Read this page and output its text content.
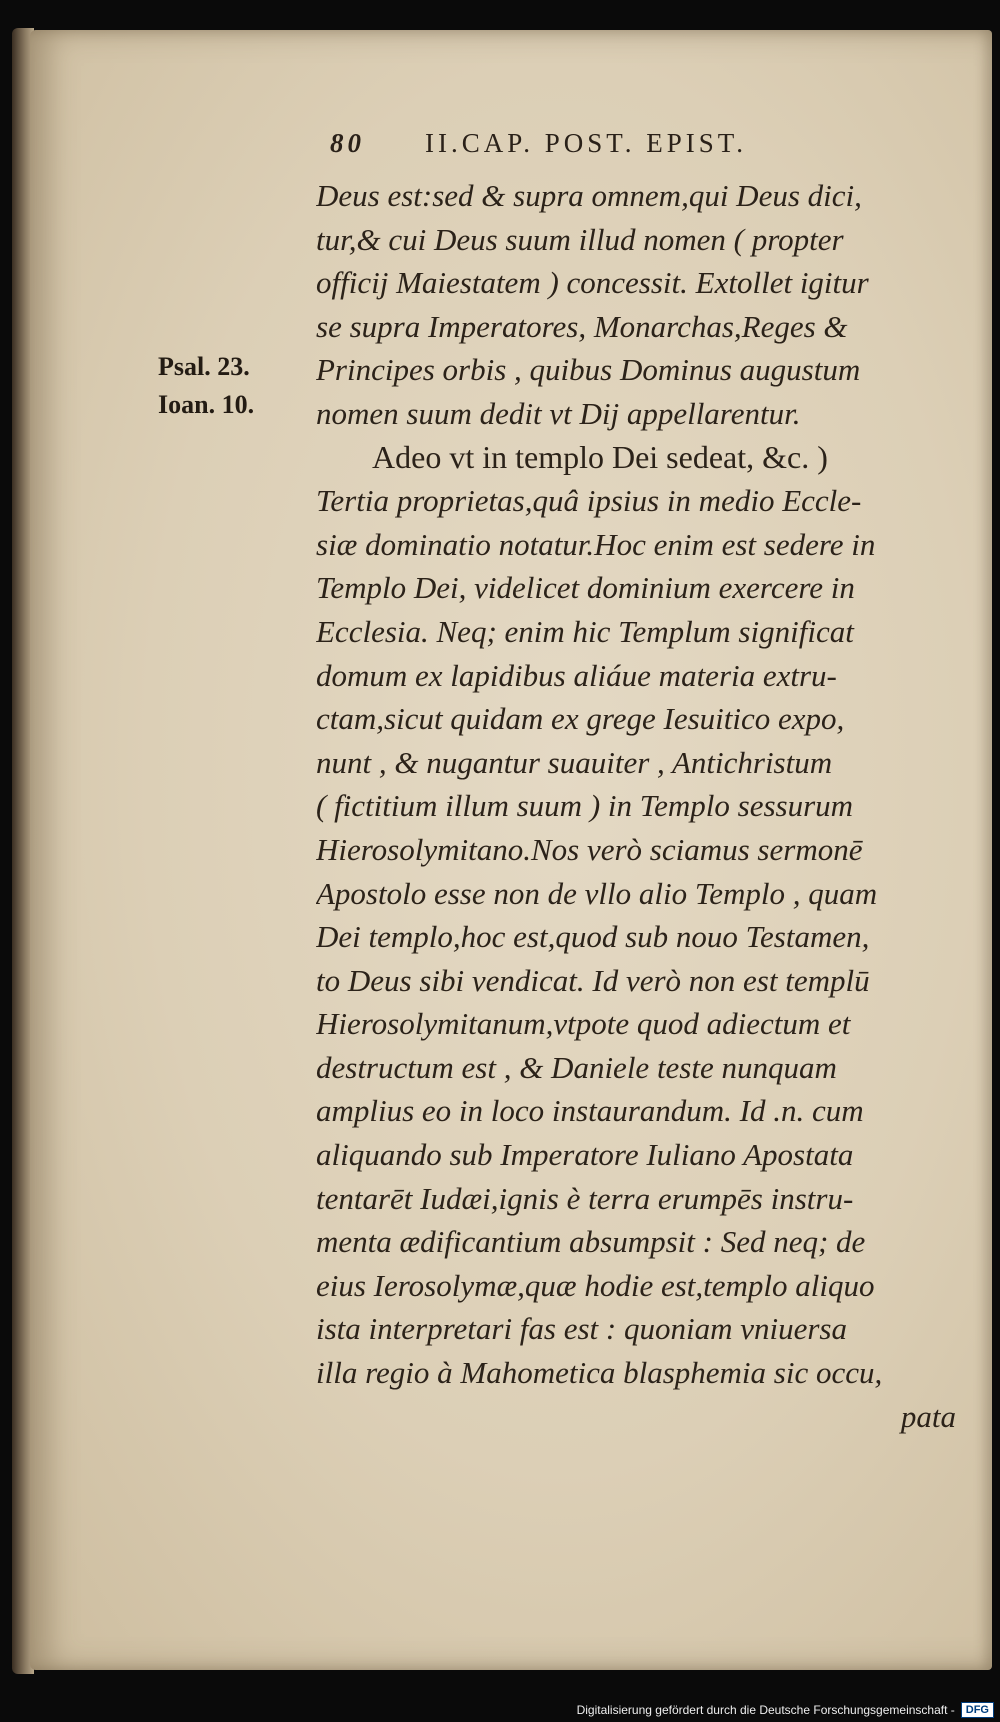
80 II.CAP. POST. EPIST.
Psal. 23.
Ioan. 10.
Deus est:sed & supra omnem,qui Deus dici,
tur,& cui Deus suum illud nomen ( propter
officij Maiestatem ) concessit. Extollet igitur
se supra Imperatores, Monarchas,Reges &
Principes orbis , quibus Dominus augustum
nomen suum dedit vt Dij appellarentur.
Adeo vt in templo Dei sedeat, &c. )
Tertia proprietas,quâ ipsius in medio Eccle-
siæ dominatio notatur.Hoc enim est sedere in
Templo Dei, videlicet dominium exercere in
Ecclesia. Neq; enim hic Templum significat
domum ex lapidibus aliáue materia extru-
ctam,sicut quidam ex grege Iesuitico expo,
nunt , & nugantur suauiter , Antichristum
( fictitium illum suum ) in Templo sessurum
Hierosolymitano.Nos verò sciamus sermonē
Apostolo esse non de vllo alio Templo , quam
Dei templo,hoc est,quod sub nouo Testamen,
to Deus sibi vendicat. Id verò non est templū
Hierosolymitanum,vtpote quod adiectum et
destructum est , & Daniele teste nunquam
amplius eo in loco instaurandum. Id .n. cum
aliquando sub Imperatore Iuliano Apostata
tentarēt Iudæi,ignis è terra erumpēs instru-
menta ædificantium absumpsit : Sed neq; de
eius Ierosolymæ,quæ hodie est,templo aliquo
ista interpretari fas est : quoniam vniuersa
illa regio à Mahometica blasphemia sic occu,
pata
Digitalisierung gefördert durch die Deutsche Forschungsgemeinschaft -	DFG
